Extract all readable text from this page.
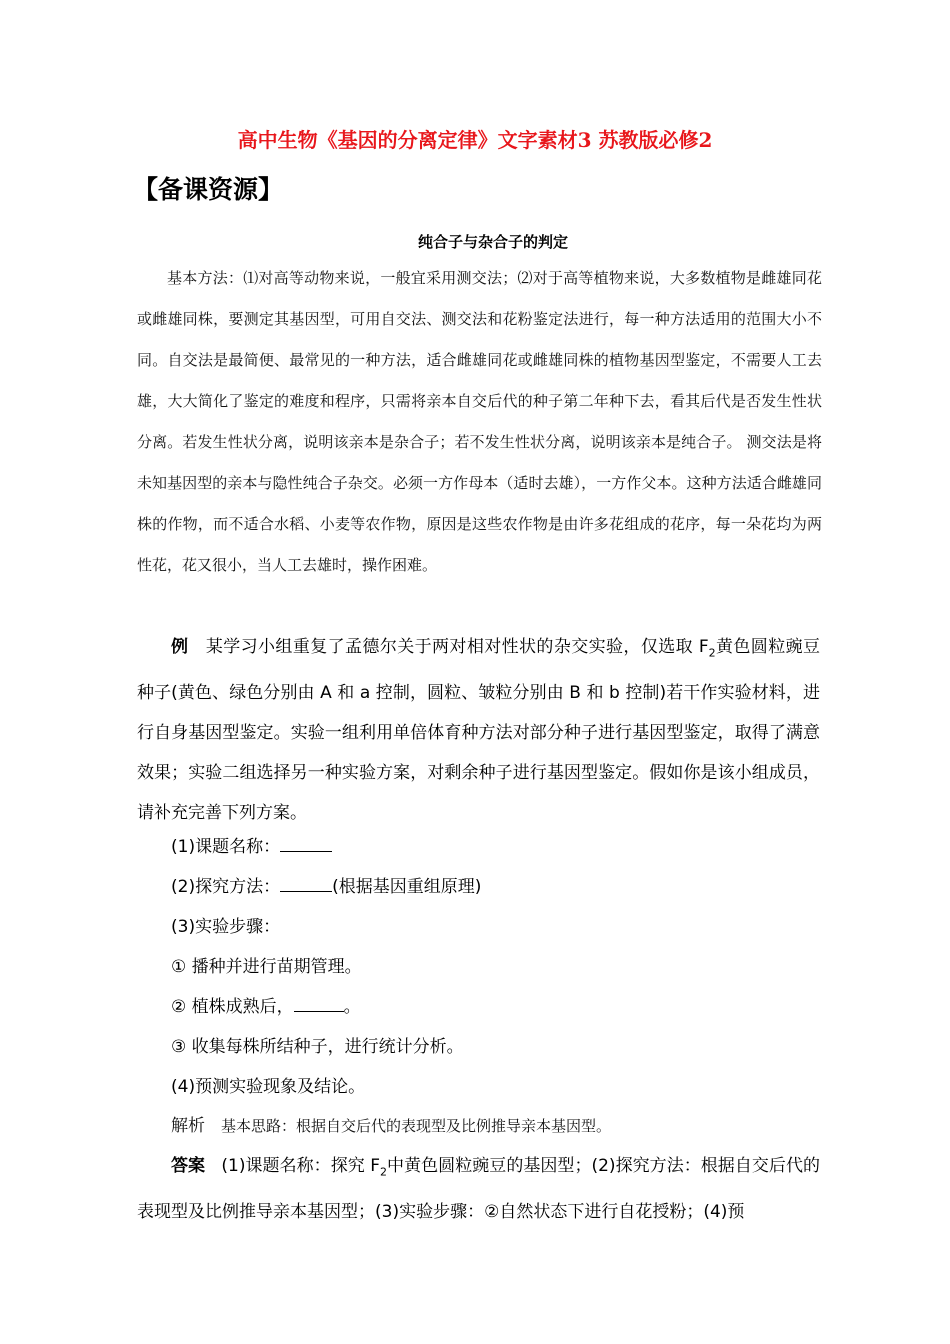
高中生物《基因的分离定律》文字素材3 苏教版必修2
【备课资源】
纯合子与杂合子的判定
基本方法：⑴对高等动物来说，一般宜采用测交法；⑵对于高等植物来说，大多数植物是雌雄同花或雌雄同株，要测定其基因型，可用自交法、测交法和花粉鉴定法进行，每一种方法适用的范围大小不同。自交法是最简便、最常见的一种方法，适合雌雄同花或雌雄同株的植物基因型鉴定，不需要人工去雄，大大简化了鉴定的难度和程序，只需将亲本自交后代的种子第二年种下去，看其后代是否发生性状分离。若发生性状分离，说明该亲本是杂合子；若不发生性状分离，说明该亲本是纯合子。 测交法是将未知基因型的亲本与隐性纯合子杂交。必须一方作母本（适时去雄），一方作父本。这种方法适合雌雄同株的作物，而不适合水稻、小麦等农作物，原因是这些农作物是由许多花组成的花序，每一朵花均为两性花，花又很小，当人工去雄时，操作困难。
例 某学习小组重复了孟德尔关于两对相对性状的杂交实验，仅选取 $F_2$黄色圆粒豌豆种子(黄色、绿色分别由 A 和 a 控制，圆粒、皱粒分别由 B 和 b 控制)若干作实验材料，进行自身基因型鉴定。实验一组利用单倍体育种方法对部分种子进行基因型鉴定，取得了满意效果；实验二组选择另一种实验方案，对剩余种子进行基因型鉴定。假如你是该小组成员，请补充完善下列方案。
(1)课题名称：
(2)探究方法：	(根据基因重组原理)
(3)实验步骤：
① 播种并进行苗期管理。
② 植株成熟后，	。
③ 收集每株所结种子，进行统计分析。
(4)预测实验现象及结论。
解析 基本思路：根据自交后代的表现型及比例推导亲本基因型。
答案 (1)课题名称：探究 $F_2$中黄色圆粒豌豆的基因型；(2)探究方法：根据自交后代的表现型及比例推导亲本基因型；(3)实验步骤：②自然状态下进行自花授粉；(4)预
